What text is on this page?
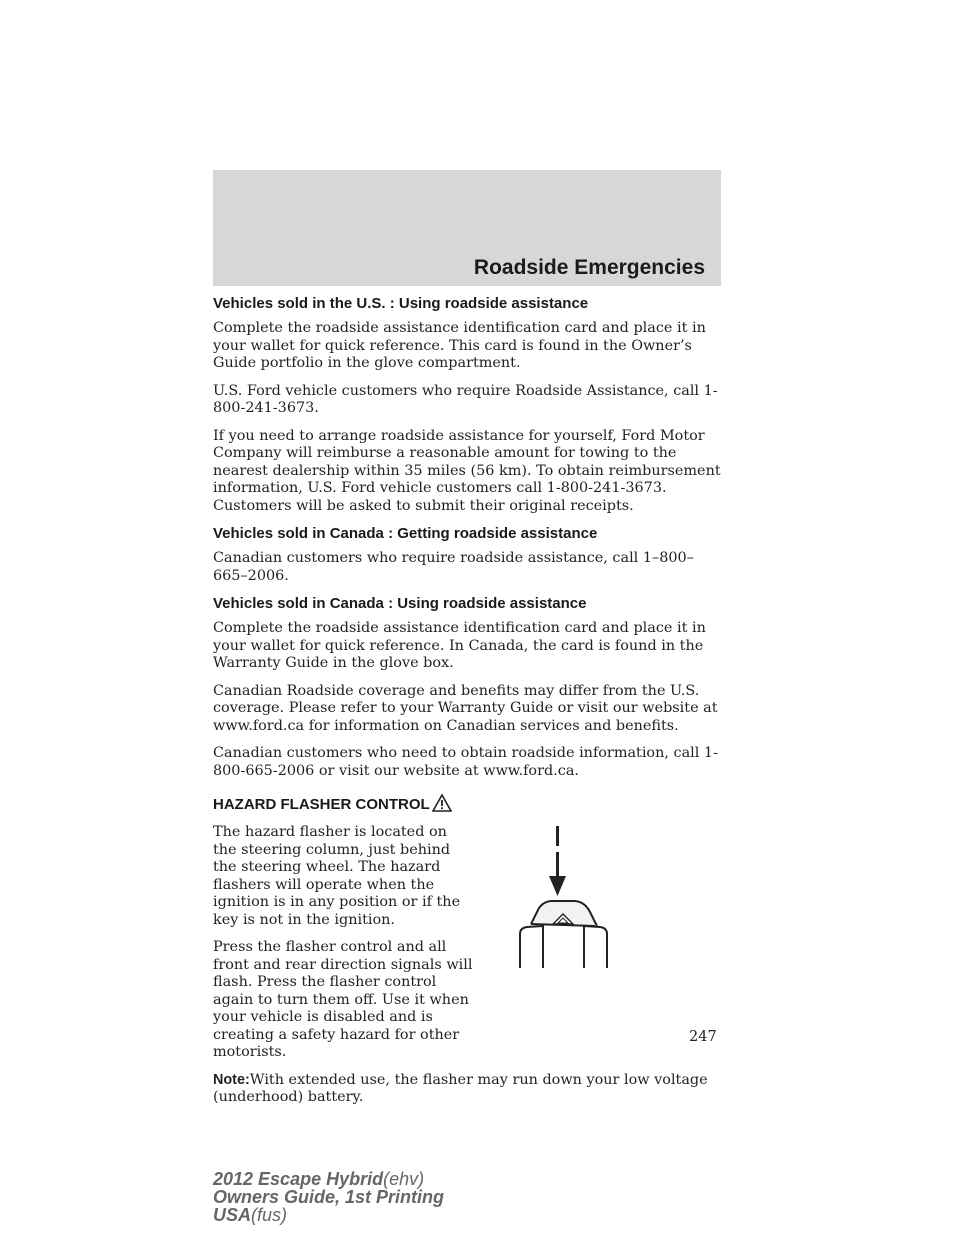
Roadside Emergencies
Vehicles sold in the U.S. : Using roadside assistance

Complete the roadside assistance identification card and place it in your wallet for quick reference. This card is found in the Owner’s Guide portfolio in the glove compartment.

U.S. Ford vehicle customers who require Roadside Assistance, call 1-800-241-3673.

If you need to arrange roadside assistance for yourself, Ford Motor Company will reimburse a reasonable amount for towing to the nearest dealership within 35 miles (56 km). To obtain reimbursement information, U.S. Ford vehicle customers call 1-800-241-3673. Customers will be asked to submit their original receipts.

Vehicles sold in Canada : Getting roadside assistance

Canadian customers who require roadside assistance, call 1–800–665–2006.

Vehicles sold in Canada : Using roadside assistance

Complete the roadside assistance identification card and place it in your wallet for quick reference. In Canada, the card is found in the Warranty Guide in the glove box.

Canadian Roadside coverage and benefits may differ from the U.S. coverage. Please refer to your Warranty Guide or visit our website at www.ford.ca for information on Canadian services and benefits.

Canadian customers who need to obtain roadside information, call 1-800-665-2006 or visit our website at www.ford.ca.

HAZARD FLASHER CONTROL

The hazard flasher is located on the steering column, just behind the steering wheel. The hazard flashers will operate when the ignition is in any position or if the key is not in the ignition.

Press the flasher control and all front and rear direction signals will flash. Press the flasher control again to turn them off. Use it when your vehicle is disabled and is creating a safety hazard for other motorists.

Note:With extended use, the flasher may run down your low voltage (underhood) battery.

247
2012 Escape Hybrid(ehv)
Owners Guide, 1st Printing
USA(fus)
